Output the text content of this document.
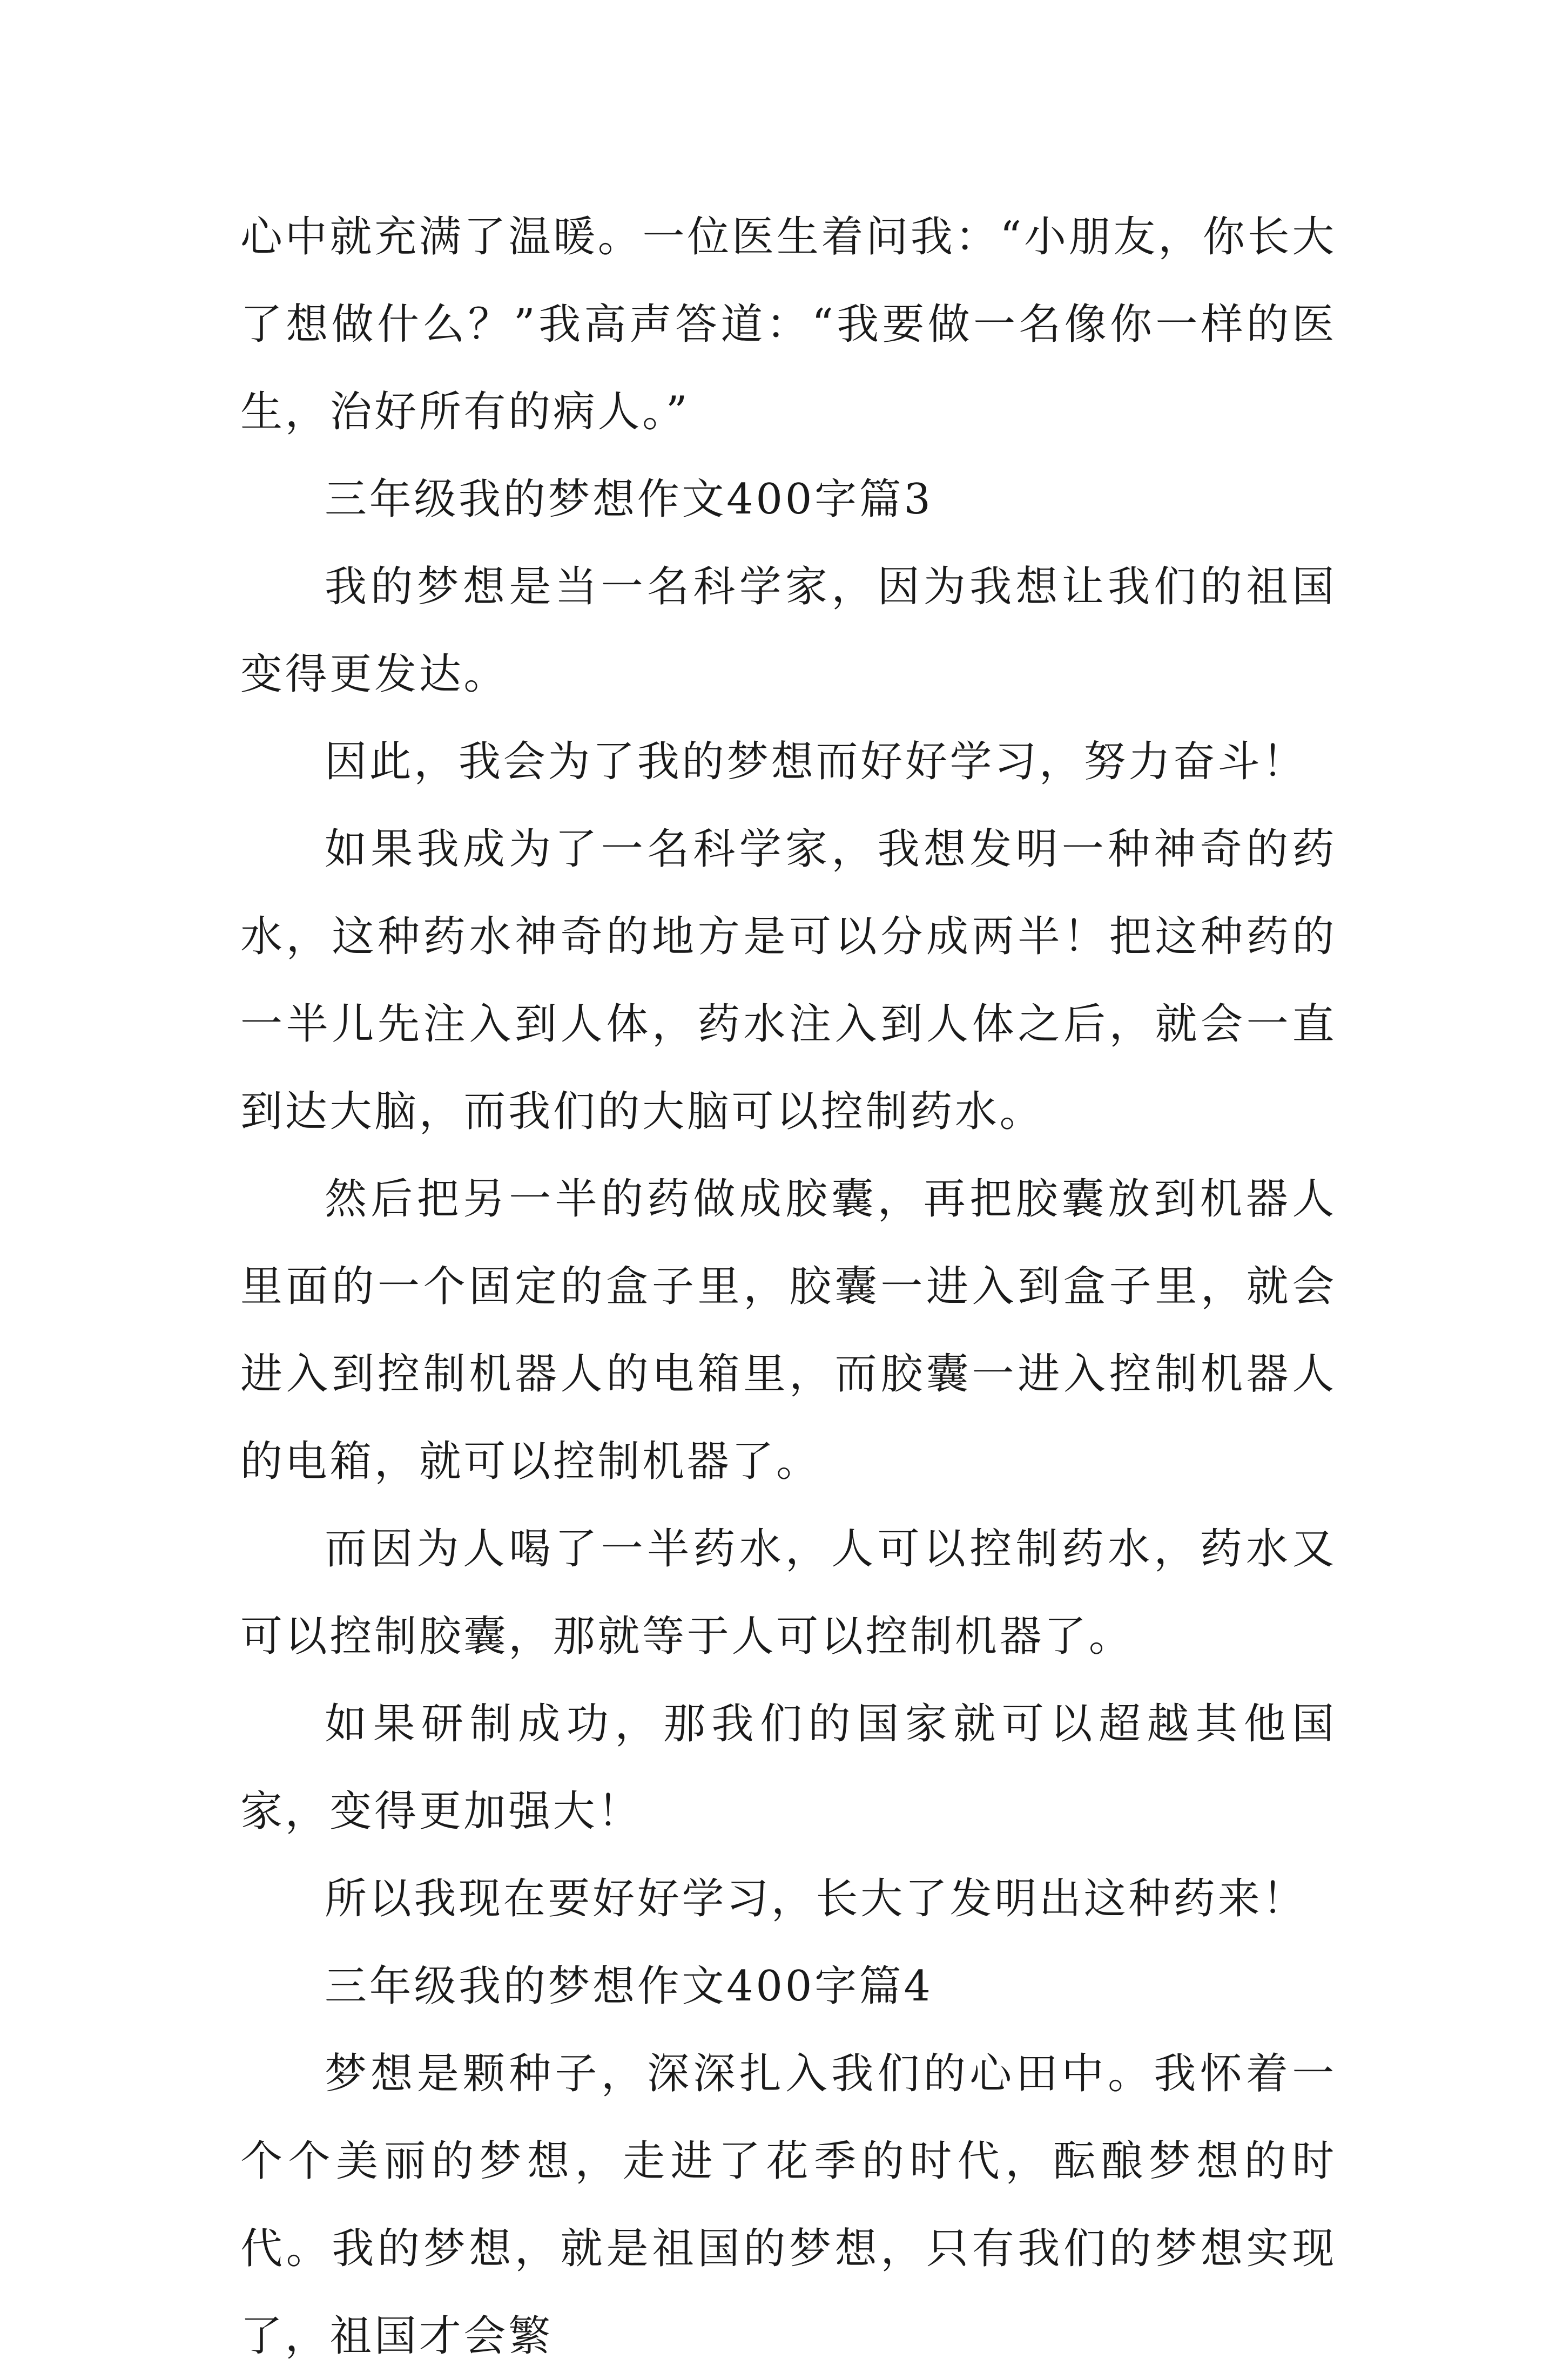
心中就充满了温暖。一位医生着问我：“小朋友，你长大了想做什么？”我高声答道：“我要做一名像你一样的医生，治好所有的病人。”

三年级我的梦想作文400字篇3

我的梦想是当一名科学家，因为我想让我们的祖国变得更发达。

因此，我会为了我的梦想而好好学习，努力奋斗！

如果我成为了一名科学家，我想发明一种神奇的药水，这种药水神奇的地方是可以分成两半！把这种药的一半儿先注入到人体，药水注入到人体之后，就会一直到达大脑，而我们的大脑可以控制药水。

然后把另一半的药做成胶囊，再把胶囊放到机器人里面的一个固定的盒子里，胶囊一进入到盒子里，就会进入到控制机器人的电箱里，而胶囊一进入控制机器人的电箱，就可以控制机器了。

而因为人喝了一半药水，人可以控制药水，药水又可以控制胶囊，那就等于人可以控制机器了。

如果研制成功，那我们的国家就可以超越其他国家，变得更加强大！

所以我现在要好好学习，长大了发明出这种药来！

三年级我的梦想作文400字篇4

梦想是颗种子，深深扎入我们的心田中。我怀着一个个美丽的梦想，走进了花季的时代，酝酿梦想的时代。我的梦想，就是祖国的梦想，只有我们的梦想实现了，祖国才会繁
